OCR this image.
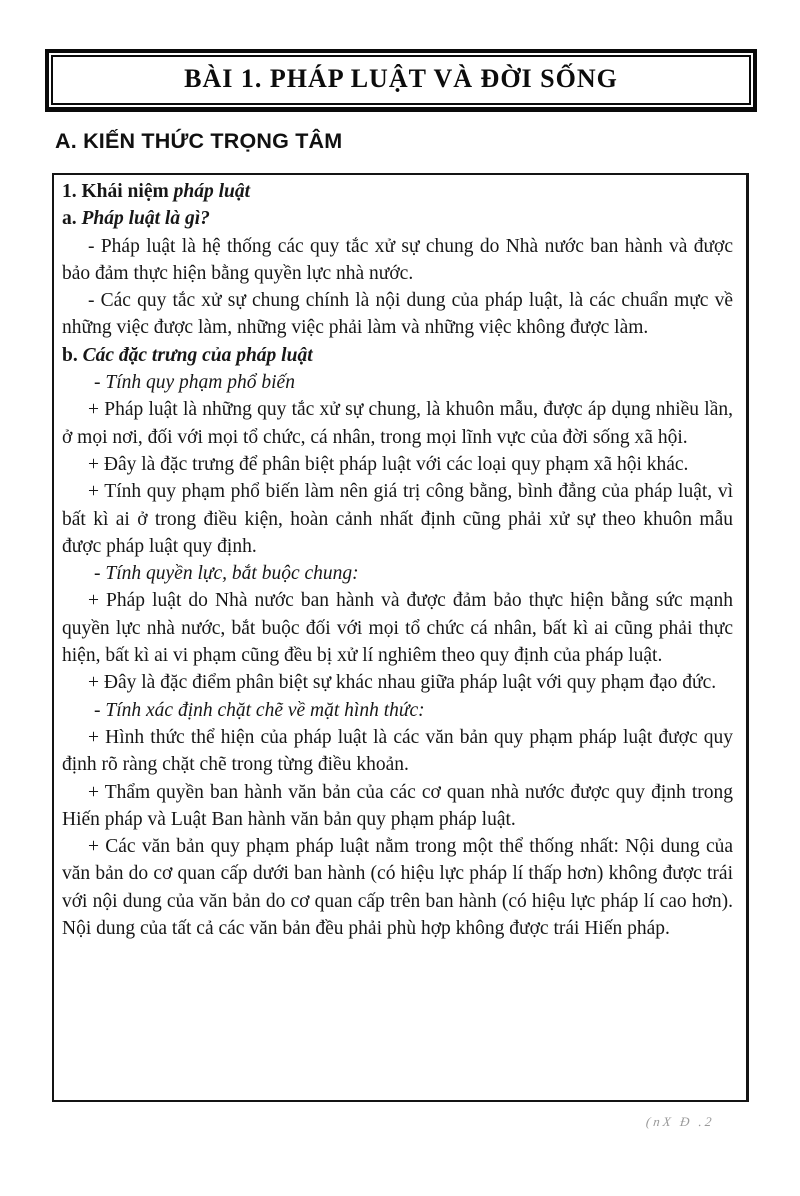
BÀI 1. PHÁP LUẬT VÀ ĐỜI SỐNG
A. KIẾN THỨC TRỌNG TÂM

1. Khái niệm pháp luật

a. Pháp luật là gì?

- Pháp luật là hệ thống các quy tắc xử sự chung do Nhà nước ban hành và được bảo đảm thực hiện bằng quyền lực nhà nước.

- Các quy tắc xử sự chung chính là nội dung của pháp luật, là các chuẩn mực về những việc được làm, những việc phải làm và những việc không được làm.

b. Các đặc trưng của pháp luật

- Tính quy phạm phổ biến

+ Pháp luật là những quy tắc xử sự chung, là khuôn mẫu, được áp dụng nhiều lần, ở mọi nơi, đối với mọi tổ chức, cá nhân, trong mọi lĩnh vực của đời sống xã hội.

+ Đây là đặc trưng để phân biệt pháp luật với các loại quy phạm xã hội khác.

+ Tính quy phạm phổ biến làm nên giá trị công bằng, bình đẳng của pháp luật, vì bất kì ai ở trong điều kiện, hoàn cảnh nhất định cũng phải xử sự theo khuôn mẫu được pháp luật quy định.

- Tính quyền lực, bắt buộc chung:

+ Pháp luật do Nhà nước ban hành và được đảm bảo thực hiện bằng sức mạnh quyền lực nhà nước, bắt buộc đối với mọi tổ chức cá nhân, bất kì ai cũng phải thực hiện, bất kì ai vi phạm cũng đều bị xử lí nghiêm theo quy định của pháp luật.

+ Đây là đặc điểm phân biệt sự khác nhau giữa pháp luật với quy phạm đạo đức.

- Tính xác định chặt chẽ về mặt hình thức:

+ Hình thức thể hiện của pháp luật là các văn bản quy phạm pháp luật được quy định rõ ràng chặt chẽ trong từng điều khoản.

+ Thẩm quyền ban hành văn bản của các cơ quan nhà nước được quy định trong Hiến pháp và Luật Ban hành văn bản quy phạm pháp luật.

+ Các văn bản quy phạm pháp luật nằm trong một thể thống nhất: Nội dung của văn bản do cơ quan cấp dưới ban hành (có hiệu lực pháp lí thấp hơn) không được trái với nội dung của văn bản do cơ quan cấp trên ban hành (có hiệu lực pháp lí cao hơn). Nội dung của tất cả các văn bản đều phải phù hợp không được trái Hiến pháp.

(nX Ð .2
